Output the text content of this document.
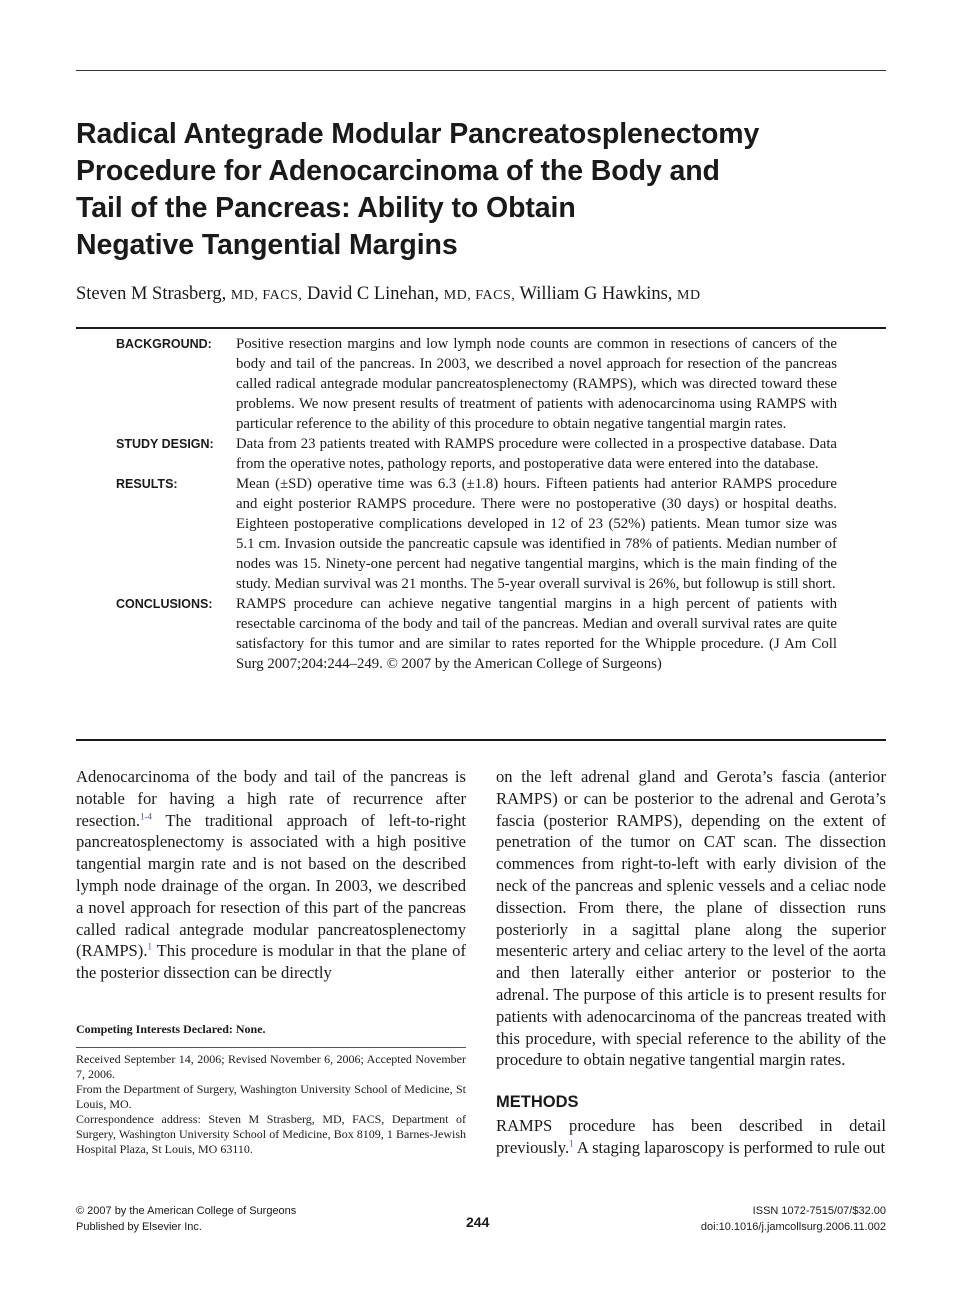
Radical Antegrade Modular Pancreatosplenectomy
Procedure for Adenocarcinoma of the Body and
Tail of the Pancreas: Ability to Obtain
Negative Tangential Margins
Steven M Strasberg, MD, FACS, David C Linehan, MD, FACS, William G Hawkins, MD
BACKGROUND:	Positive resection margins and low lymph node counts are common in resections of cancers of the body and tail of the pancreas. In 2003, we described a novel approach for resection of the pancreas called radical antegrade modular pancreatosplenectomy (RAMPS), which was directed toward these problems. We now present results of treatment of patients with adenocarcinoma using RAMPS with particular reference to the ability of this procedure to obtain negative tangential margin rates.
STUDY DESIGN:	Data from 23 patients treated with RAMPS procedure were collected in a prospective database. Data from the operative notes, pathology reports, and postoperative data were entered into the database.
RESULTS:	Mean (±SD) operative time was 6.3 (±1.8) hours. Fifteen patients had anterior RAMPS procedure and eight posterior RAMPS procedure. There were no postoperative (30 days) or hospital deaths. Eighteen postoperative complications developed in 12 of 23 (52%) patients. Mean tumor size was 5.1 cm. Invasion outside the pancreatic capsule was identified in 78% of patients. Median number of nodes was 15. Ninety-one percent had negative tangential margins, which is the main finding of the study. Median survival was 21 months. The 5-year overall survival is 26%, but followup is still short.
CONCLUSIONS:	RAMPS procedure can achieve negative tangential margins in a high percent of patients with resectable carcinoma of the body and tail of the pancreas. Median and overall survival rates are quite satisfactory for this tumor and are similar to rates reported for the Whipple procedure. (J Am Coll Surg 2007;204:244–249. © 2007 by the American College of Surgeons)
Adenocarcinoma of the body and tail of the pancreas is notable for having a high rate of recurrence after resection.$^{1-4}$ The traditional approach of left-to-right pancreatosplenectomy is associated with a high positive tangential margin rate and is not based on the described lymph node drainage of the organ. In 2003, we described a novel approach for resection of this part of the pancreas called radical antegrade modular pancreatosplenectomy (RAMPS).$^1$ This procedure is modular in that the plane of the posterior dissection can be directly

Competing Interests Declared: None.

Received September 14, 2006; Revised November 6, 2006; Accepted November 7, 2006.

From the Department of Surgery, Washington University School of Medicine, St Louis, MO.

Correspondence address: Steven M Strasberg, MD, FACS, Department of Surgery, Washington University School of Medicine, Box 8109, 1 Barnes-Jewish Hospital Plaza, St Louis, MO 63110.

on the left adrenal gland and Gerota’s fascia (anterior RAMPS) or can be posterior to the adrenal and Gerota’s fascia (posterior RAMPS), depending on the extent of penetration of the tumor on CAT scan. The dissection commences from right-to-left with early division of the neck of the pancreas and splenic vessels and a celiac node dissection. From there, the plane of dissection runs posteriorly in a sagittal plane along the superior mesenteric artery and celiac artery to the level of the aorta and then laterally either anterior or posterior to the adrenal. The purpose of this article is to present results for patients with adenocarcinoma of the pancreas treated with this procedure, with special reference to the ability of the procedure to obtain negative tangential margin rates.
METHODS
RAMPS procedure has been described in detail previously.$^1$ A staging laparoscopy is performed to rule out
© 2007 by the American College of Surgeons
Published by Elsevier Inc.	244
ISSN 1072-7515/07/$32.00
doi:10.1016/j.jamcollsurg.2006.11.002
